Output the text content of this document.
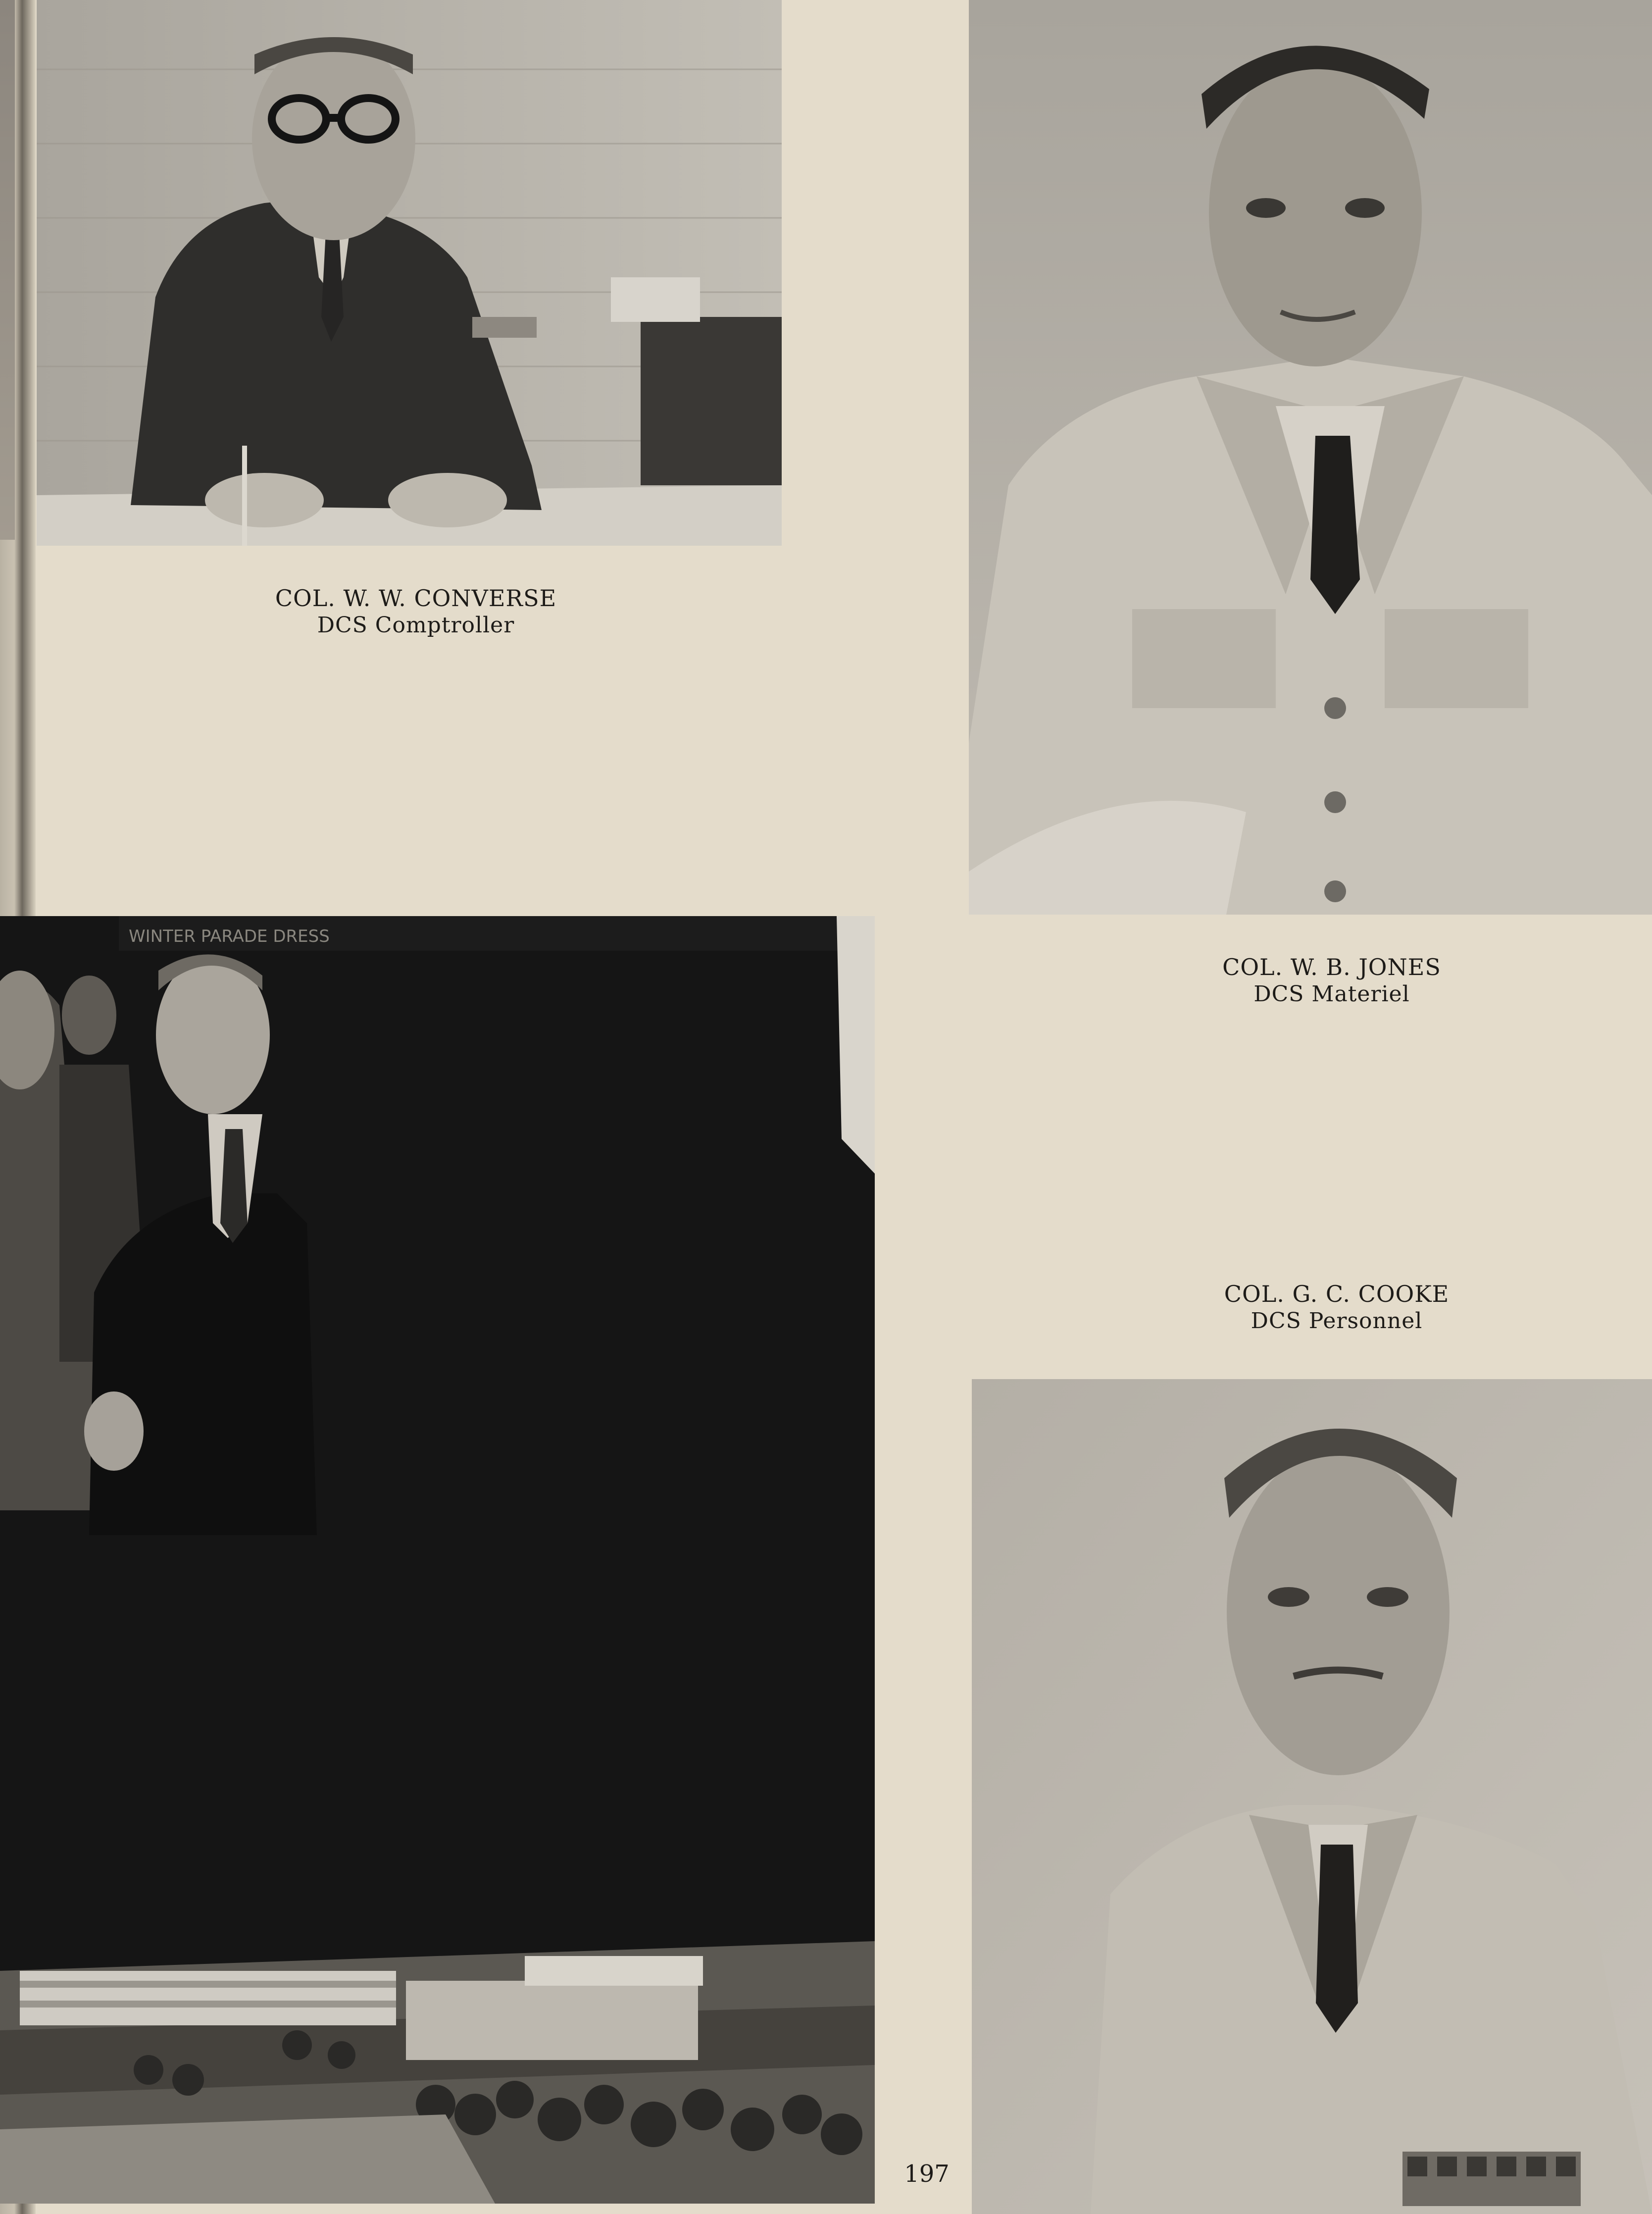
WINTER PARADE DRESS
COL. W. W. CONVERSE
DCS Comptroller
COL. W. B. JONES
DCS Materiel
COL. G. C. COOKE
DCS Personnel
197
